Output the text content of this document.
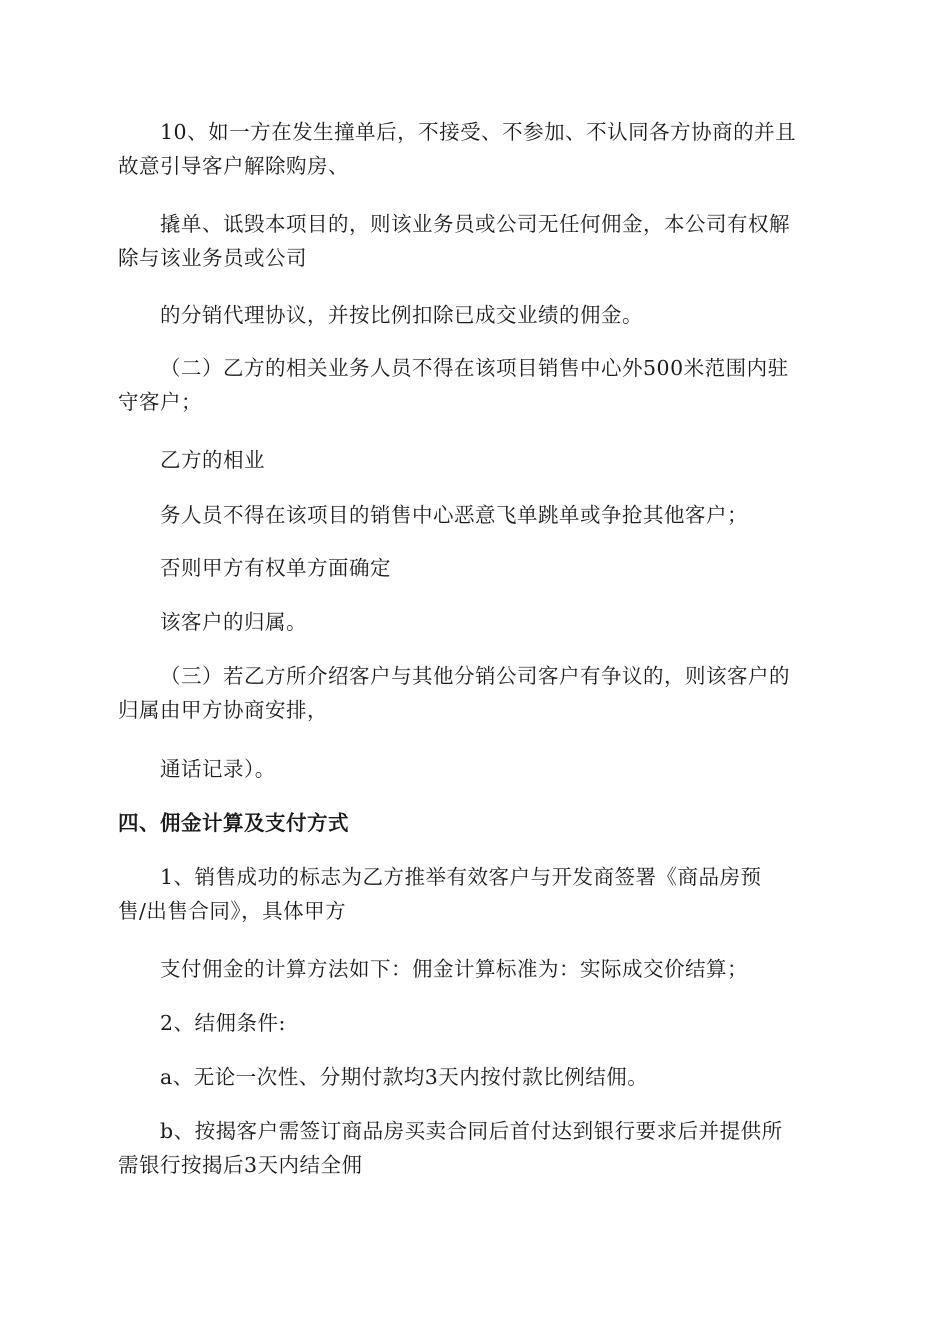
10、如一方在发生撞单后，不接受、不参加、不认同各方协商的并且
故意引导客户解除购房、

撬单、诋毁本项目的，则该业务员或公司无任何佣金，本公司有权解
除与该业务员或公司

的分销代理协议，并按比例扣除已成交业绩的佣金。

（二）乙方的相关业务人员不得在该项目销售中心外500米范围内驻
守客户；

乙方的相业

务人员不得在该项目的销售中心恶意飞单跳单或争抢其他客户；

否则甲方有权单方面确定

该客户的归属。

（三）若乙方所介绍客户与其他分销公司客户有争议的，则该客户的
归属由甲方协商安排，

通话记录）。

四、佣金计算及支付方式

1、销售成功的标志为乙方推举有效客户与开发商签署《商品房预
售/出售合同》，具体甲方

支付佣金的计算方法如下：佣金计算标准为：实际成交价结算；

2、结佣条件:

a、无论一次性、分期付款均3天内按付款比例结佣。

b、按揭客户需签订商品房买卖合同后首付达到银行要求后并提供所
需银行按揭后3天内结全佣
